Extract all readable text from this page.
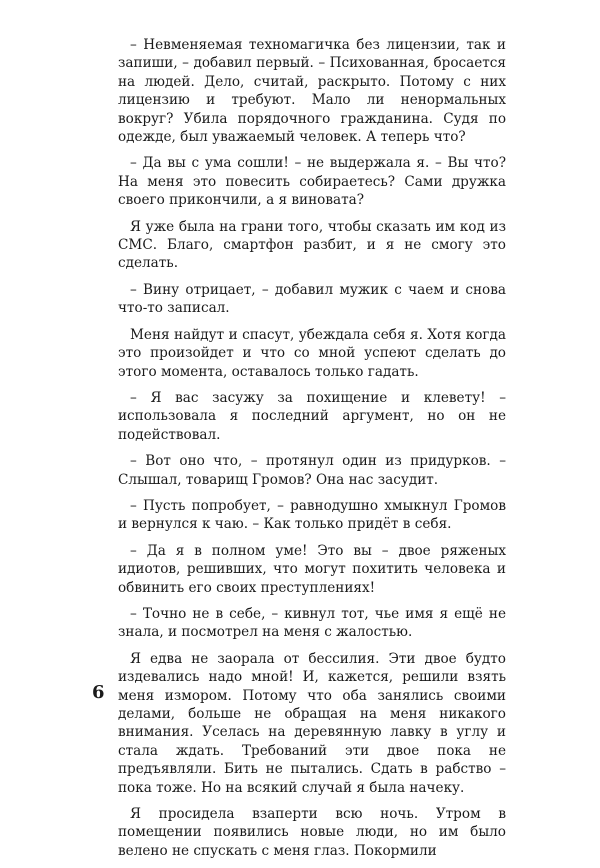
– Невменяемая техномагичка без лицензии, так и запиши, – добавил первый. – Психованная, бросается на людей. Дело, считай, раскрыто. Потому с них лицензию и требуют. Мало ли ненормальных вокруг? Убила порядочного гражданина. Судя по одежде, был уважаемый человек. А теперь что?

– Да вы с ума сошли! – не выдержала я. – Вы что? На меня это повесить собираетесь? Сами дружка своего прикончили, а я виновата?

Я уже была на грани того, чтобы сказать им код из СМС. Благо, смартфон разбит, и я не смогу это сделать.

– Вину отрицает, – добавил мужик с чаем и снова что-то записал.

Меня найдут и спасут, убеждала себя я. Хотя когда это произойдет и что со мной успеют сделать до этого момента, оставалось только гадать.

– Я вас засужу за похищение и клевету! – использовала я последний аргумент, но он не подействовал.

– Вот оно что, – протянул один из придурков. – Слышал, товарищ Громов? Она нас засудит.

– Пусть попробует, – равнодушно хмыкнул Громов и вернулся к чаю. – Как только придёт в себя.

– Да я в полном уме! Это вы – двое ряженых идиотов, решивших, что могут похитить человека и обвинить его своих преступлениях!

– Точно не в себе, – кивнул тот, чье имя я ещё не знала, и посмотрел на меня с жалостью.

Я едва не заорала от бессилия. Эти двое будто издевались надо мной! И, кажется, решили взять меня измором. Потому что оба занялись своими делами, больше не обращая на меня никакого внимания. Уселась на деревянную лавку в углу и стала ждать. Требований эти двое пока не предъявляли. Бить не пытались. Сдать в рабство – пока тоже. Но на всякий случай я была начеку.

Я просидела взаперти всю ночь. Утром в помещении появились новые люди, но им было велено не спускать с меня глаз. Покормили

6
